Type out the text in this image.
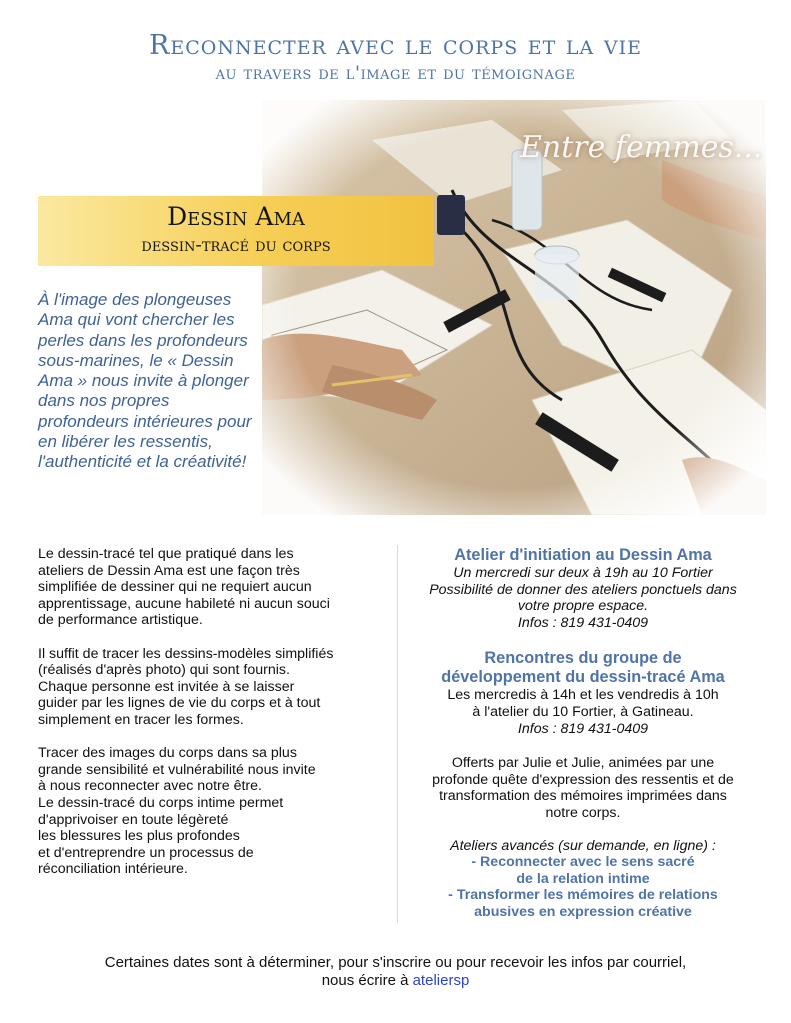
Reconnecter avec le corps et la vie
au travers de l'image et du témoignage
Entre femmes...
Dessin Ama
dessin-tracé du corps
À l'image des plongeuses
Ama qui vont chercher les
perles dans les profondeurs
sous-marines, le « Dessin
Ama » nous invite à plonger
dans nos propres
profondeurs intérieures pour
en libérer les ressentis,
l'authenticité et la créativité!

Le dessin-tracé tel que pratiqué dans les
ateliers de Dessin Ama est une façon très
simplifiée de dessiner qui ne requiert aucun
apprentissage, aucune habileté ni aucun souci
de performance artistique.

Il suffit de tracer les dessins-modèles simplifiés
(réalisés d'après photo) qui sont fournis.
Chaque personne est invitée à se laisser
guider par les lignes de vie du corps et à tout
simplement en tracer les formes.

Tracer des images du corps dans sa plus
grande sensibilité et vulnérabilité nous invite
à nous reconnecter avec notre être.
Le dessin-tracé du corps intime permet
d'apprivoiser en toute légèreté
les blessures les plus profondes
et d'entreprendre un processus de
réconciliation intérieure.

Atelier d'initiation au Dessin Ama
Un mercredi sur deux à 19h au 10 Fortier
Possibilité de donner des ateliers ponctuels dans
votre propre espace.
Infos : 819 431-0409
Rencontres du groupe de
développement du dessin-tracé Ama
Les mercredis à 14h et les vendredis à 10h
à l'atelier du 10 Fortier, à Gatineau.
Infos : 819 431-0409
Offerts par Julie et Julie, animées par une
profonde quête d'expression des ressentis et de
transformation des mémoires imprimées dans
notre corps.
Ateliers avancés (sur demande, en ligne) :
- Reconnecter avec le sens sacré
de la relation intime
- Transformer les mémoires de relations
abusives en expression créative
Certaines dates sont à déterminer, pour s'inscrire ou pour recevoir les infos par courriel,
nous écrire à ateliersp
